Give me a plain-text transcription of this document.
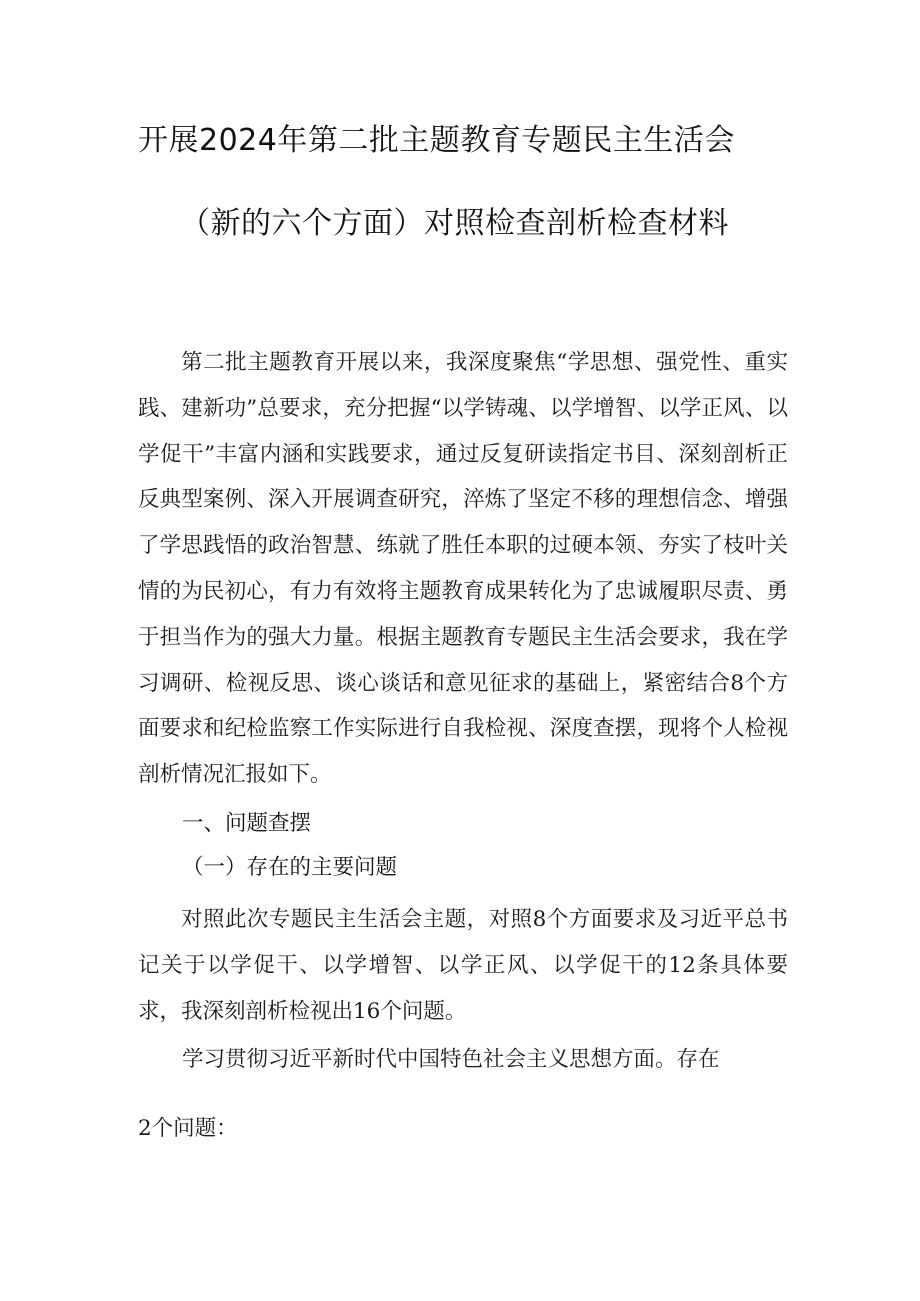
开展2024年第二批主题教育专题民主生活会
（新的六个方面）对照检查剖析检查材料

第二批主题教育开展以来，我深度聚焦“学思想、强党性、重实践、建新功”总要求，充分把握“以学铸魂、以学增智、以学正风、以学促干”丰富内涵和实践要求，通过反复研读指定书目、深刻剖析正反典型案例、深入开展调查研究，淬炼了坚定不移的理想信念、增强了学思践悟的政治智慧、练就了胜任本职的过硬本领、夯实了枝叶关情的为民初心，有力有效将主题教育成果转化为了忠诚履职尽责、勇于担当作为的强大力量。根据主题教育专题民主生活会要求，我在学习调研、检视反思、谈心谈话和意见征求的基础上，紧密结合8个方面要求和纪检监察工作实际进行自我检视、深度查摆，现将个人检视剖析情况汇报如下。

一、问题查摆
（一）存在的主要问题

对照此次专题民主生活会主题，对照8个方面要求及习近平总书记关于以学促干、以学增智、以学正风、以学促干的12条具体要求，我深刻剖析检视出16个问题。

学习贯彻习近平新时代中国特色社会主义思想方面。存在

2个问题：
